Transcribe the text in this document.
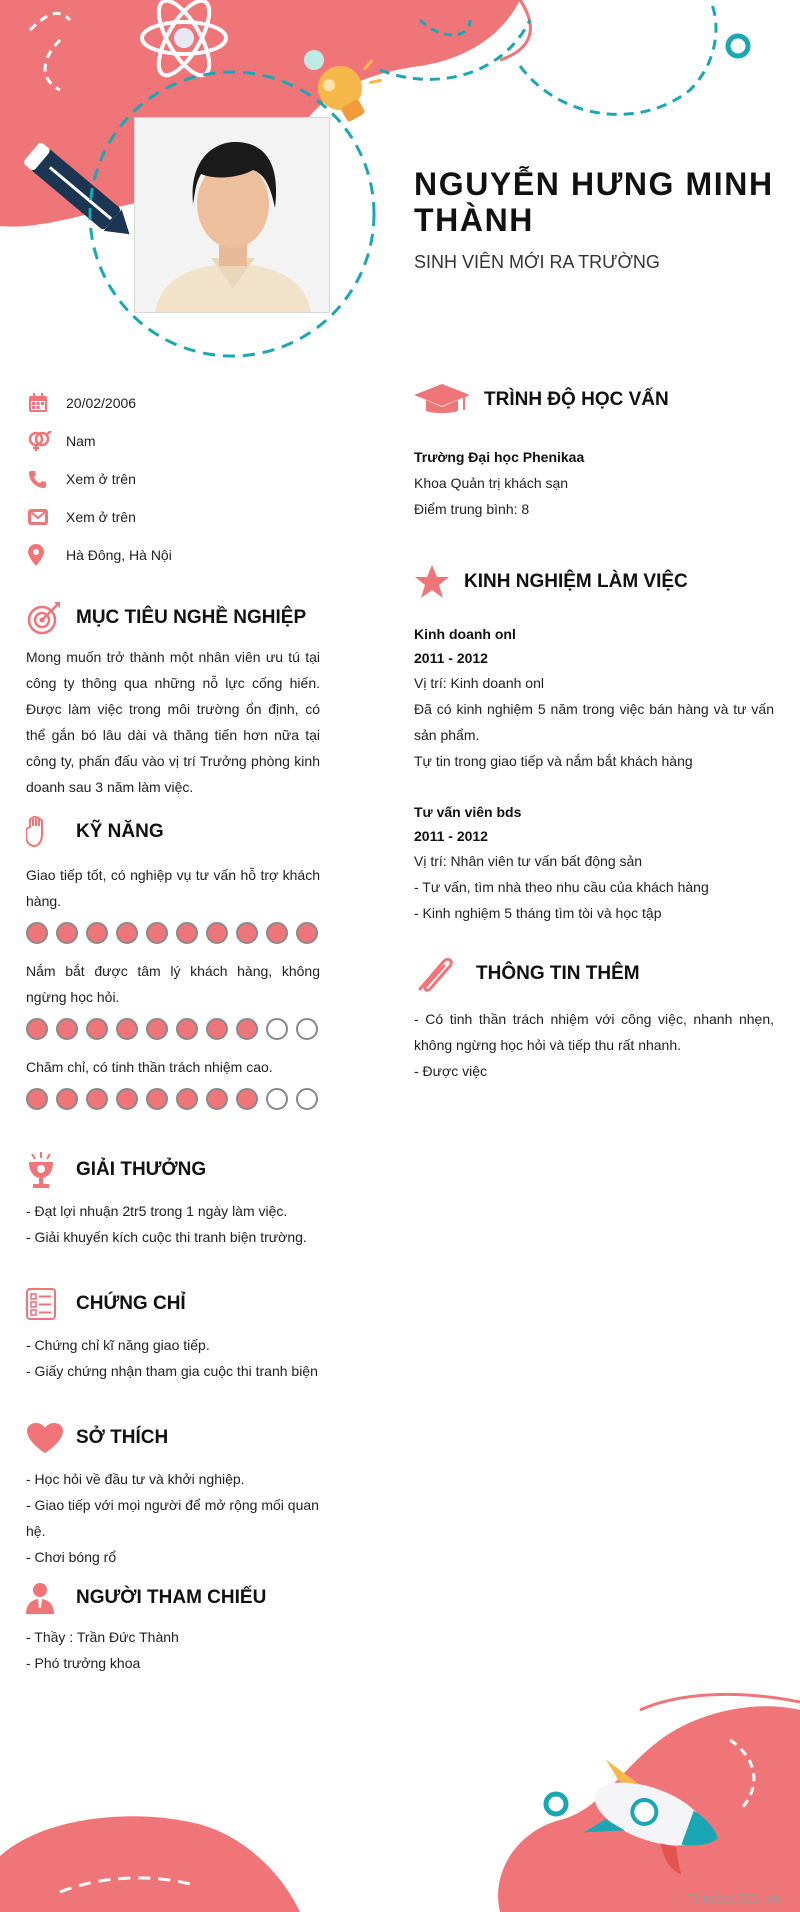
NGUYỄN HƯNG MINH THÀNH
SINH VIÊN MỚI RA TRƯỜNG
20/02/2006
Nam
Xem ở trên
Xem ở trên
Hà Đông, Hà Nội
MỤC TIÊU NGHỀ NGHIỆP

Mong muốn trở thành một nhân viên ưu tú tại công ty thông qua những nỗ lực cống hiến. Được làm việc trong môi trường ổn định, có thể gắn bó lâu dài và thăng tiến hơn nữa tại công ty, phấn đấu vào vị trí Trưởng phòng kinh doanh sau 3 năm làm việc.

KỸ NĂNG

Giao tiếp tốt, có nghiệp vụ tư vấn hỗ trợ khách hàng.

Nắm bắt được tâm lý khách hàng, không ngừng học hỏi.

Chăm chỉ, có tinh thần trách nhiệm cao.

GIẢI THƯỞNG

- Đạt lợi nhuận 2tr5 trong 1 ngày làm việc.

- Giải khuyến kích cuộc thi tranh biện trường.

CHỨNG CHỈ

- Chứng chỉ kĩ năng giao tiếp.

- Giấy chứng nhận tham gia cuộc thi tranh biện

SỞ THÍCH

- Học hỏi về đầu tư và khởi nghiệp.

- Giao tiếp với mọi người để mở rộng mối quan hệ.

- Chơi bóng rổ

NGƯỜI THAM CHIẾU

- Thầy : Trần Đức Thành

- Phó trưởng khoa

TRÌNH ĐỘ HỌC VẤN

Trường Đại học Phenikaa

Khoa Quản trị khách sạn

Điểm trung bình: 8

KINH NGHIỆM LÀM VIỆC

Kinh doanh onl

2011 - 2012

Vị trí: Kinh doanh onl

Đã có kinh nghiệm 5 năm trong việc bán hàng và tư vấn sản phẩm.

Tự tin trong giao tiếp và nắm bắt khách hàng

Tư vấn viên bds

2011 - 2012

Vị trí: Nhân viên tư vấn bất động sản

- Tư vấn, tìm nhà theo nhu cầu của khách hàng

- Kinh nghiệm 5 tháng tìm tòi và học tập

THÔNG TIN THÊM

- Có tinh thần trách nhiệm với công việc, nhanh nhẹn, không ngừng học hỏi và tiếp thu rất nhanh.

- Được việc

∴ Timviec365.vn
